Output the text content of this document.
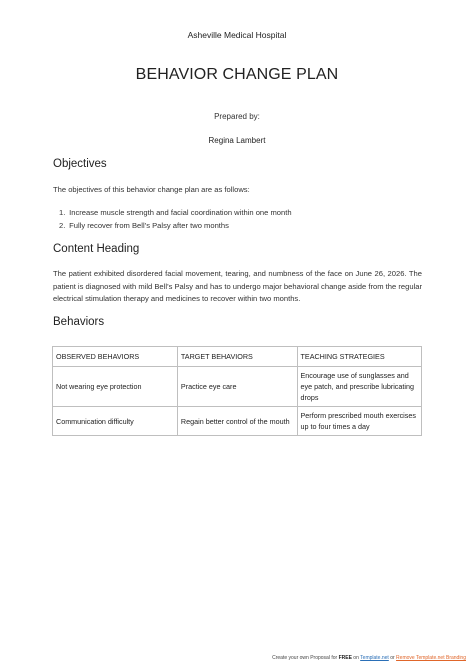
Asheville Medical Hospital
BEHAVIOR CHANGE PLAN
Prepared by:
Regina Lambert
Objectives

The objectives of this behavior change plan are as follows:

1. Increase muscle strength and facial coordination within one month
2. Fully recover from Bell’s Palsy after two months
Content Heading

The patient exhibited disordered facial movement, tearing, and numbness of the face on June 26, 2026. The patient is diagnosed with mild Bell’s Palsy and has to undergo major behavioral change aside from the regular electrical stimulation therapy and medicines to recover within two months.

Behaviors
OBSERVED BEHAVIORS	TARGET BEHAVIORS	TEACHING STRATEGIES
Not wearing eye protection	Practice eye care	Encourage use of sunglasses and eye patch, and prescribe lubricating drops
Communication difficulty	Regain better control of the mouth	Perform prescribed mouth exercises up to four times a day
Create your own Proposal for FREE on Template.net or Remove Template.net Branding
